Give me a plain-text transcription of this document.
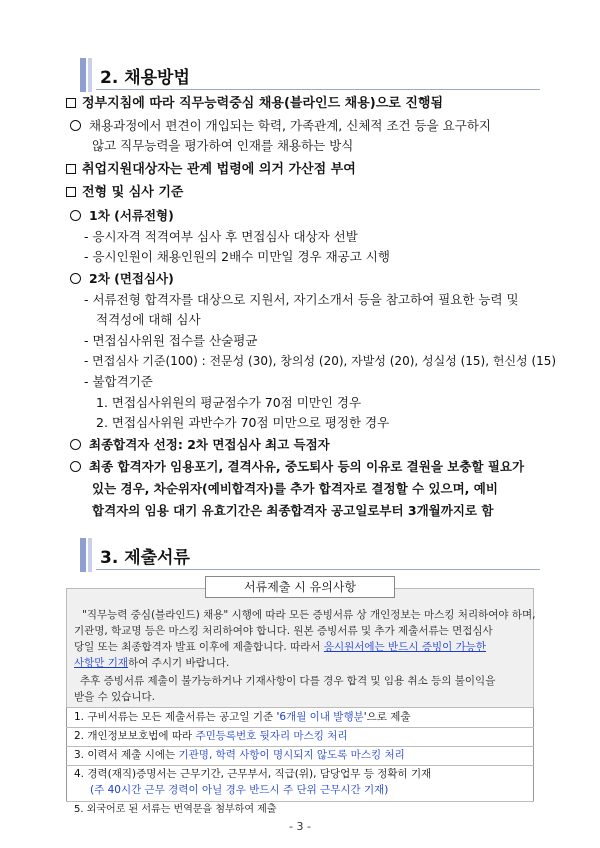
2. 채용방법
정부지침에 따라 직무능력중심 채용(블라인드 채용)으로 진행됨
채용과정에서 편견이 개입되는 학력, 가족관계, 신체적 조건 등을 요구하지
않고 직무능력을 평가하여 인재를 채용하는 방식
취업지원대상자는 관계 법령에 의거 가산점 부여
전형 및 심사 기준
1차 (서류전형)
- 응시자격 적격여부 심사 후 면접심사 대상자 선발
- 응시인원이 채용인원의 2배수 미만일 경우 재공고 시행
2차 (면접심사)
- 서류전형 합격자를 대상으로 지원서, 자기소개서 등을 참고하여 필요한 능력 및
적격성에 대해 심사
- 면접심사위원 접수를 산술평균
- 면접심사 기준(100) : 전문성 (30), 창의성 (20), 자발성 (20), 성실성 (15), 헌신성 (15)
- 불합격기준
1. 면접심사위원의 평균점수가 70점 미만인 경우
2. 면접심사위원 과반수가 70점 미만으로 평정한 경우
최종합격자 선정: 2차 면접심사 최고 득점자
최종 합격자가 임용포기, 결격사유, 중도퇴사 등의 이유로 결원을 보충할 필요가
있는 경우, 차순위자(예비합격자)를 추가 합격자로 결정할 수 있으며, 예비
합격자의 임용 대기 유효기간은 최종합격자 공고일로부터 3개월까지로 함
3. 제출서류
서류제출 시 유의사항
"직무능력 중심(블라인드) 채용" 시행에 따라 모든 증빙서류 상 개인정보는 마스킹 처리하여야 하며,
기관명, 학교명 등은 마스킹 처리하여야 합니다. 원본 증빙서류 및 추가 제출서류는 면접심사
당일 또는 최종합격자 발표 이후에 제출합니다. 따라서 응시원서에는 반드시 증빙이 가능한
사항만 기재하여 주시기 바랍니다.
추후 증빙서류 제출이 불가능하거나 기재사항이 다를 경우 합격 및 임용 취소 등의 불이익을
받을 수 있습니다.
1. 구비서류는 모든 제출서류는 공고일 기준 '6개월 이내 발행분'으로 제출
2. 개인정보보호법에 따라 주민등록번호 뒷자리 마스킹 처리
3. 이력서 제출 시에는 기관명, 학력 사항이 명시되지 않도록 마스킹 처리
4. 경력(재직)증명서는 근무기간, 근무부서, 직급(위), 담당업무 등 정확히 기재
(주 40시간 근무 경력이 아닐 경우 반드시 주 단위 근무시간 기재)
5. 외국어로 된 서류는 번역문을 첨부하여 제출
- 3 -
